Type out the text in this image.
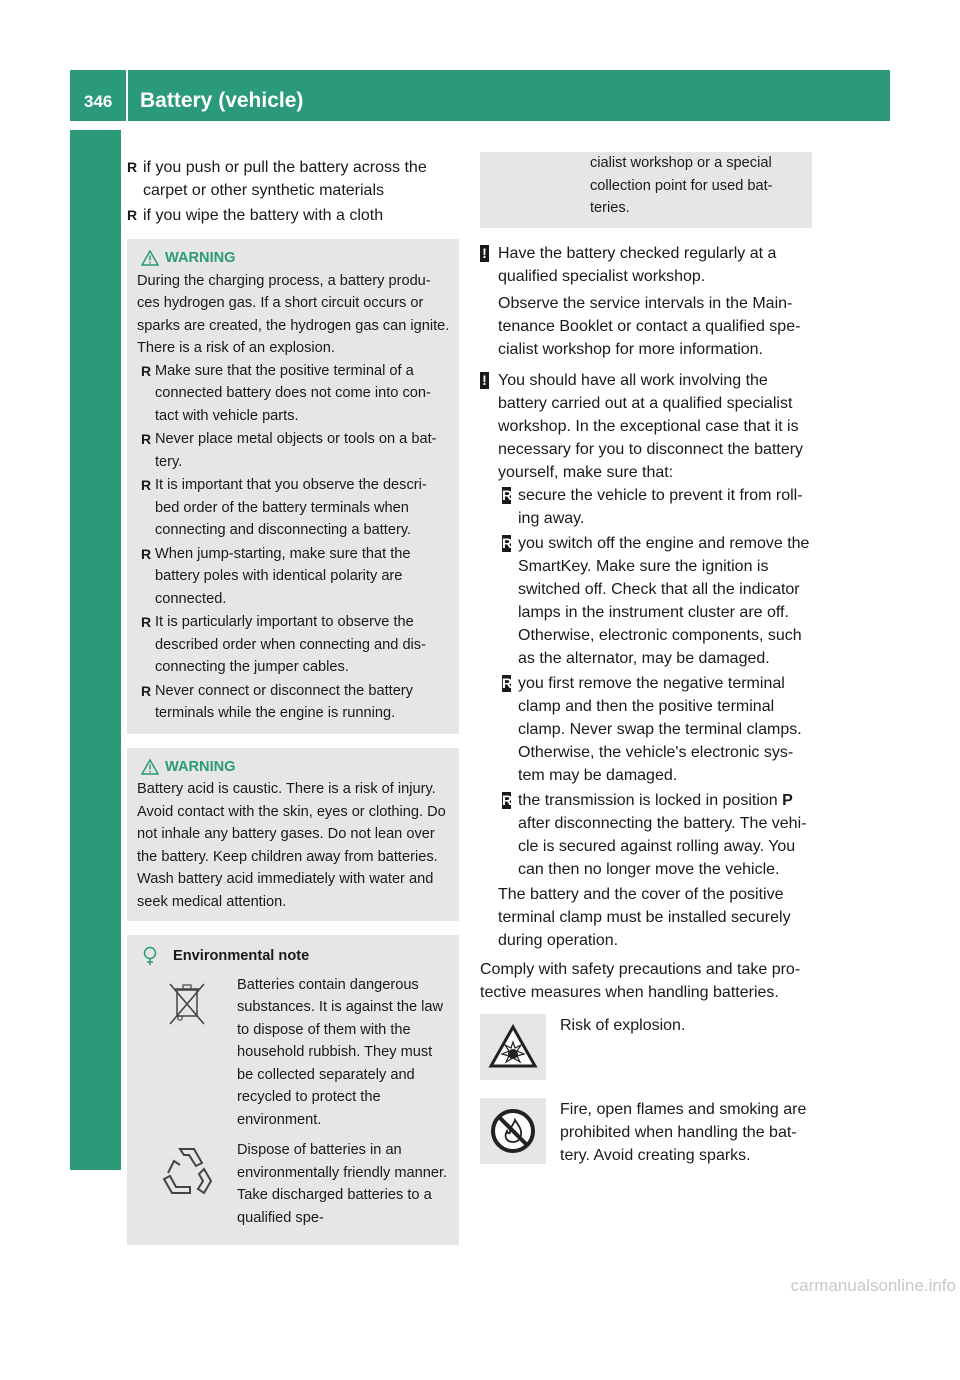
346	Battery (vehicle)
Roadside Assistance
R if you push or pull the battery across the carpet or other synthetic materials
R if you wipe the battery with a cloth
WARNING
During the charging process, a battery produ-ces hydrogen gas. If a short circuit occurs or sparks are created, the hydrogen gas can ignite. There is a risk of an explosion.
R Make sure that the positive terminal of a connected battery does not come into con-tact with vehicle parts.
R Never place metal objects or tools on a bat-tery.
R It is important that you observe the descri-bed order of the battery terminals when connecting and disconnecting a battery.
R When jump-starting, make sure that the battery poles with identical polarity are connected.
R It is particularly important to observe the described order when connecting and dis-connecting the jumper cables.
R Never connect or disconnect the battery terminals while the engine is running.
WARNING
Battery acid is caustic. There is a risk of injury.
Avoid contact with the skin, eyes or clothing. Do not inhale any battery gases. Do not lean over the battery. Keep children away from batteries. Wash battery acid immediately with water and seek medical attention.
Environmental note
Batteries contain dangerous substances. It is against the law to dispose of them with the household rubbish. They must be collected separately and recycled to protect the environment.
Dispose of batteries in an environmentally friendly manner. Take discharged batteries to a qualified spe-
cialist workshop or a special collection point for used bat-teries.
! Have the battery checked regularly at a qualified specialist workshop.
Observe the service intervals in the Main-tenance Booklet or contact a qualified spe-cialist workshop for more information.
! You should have all work involving the battery carried out at a qualified specialist workshop. In the exceptional case that it is necessary for you to disconnect the battery yourself, make sure that:
R secure the vehicle to prevent it from roll-ing away.
R you switch off the engine and remove the SmartKey. Make sure the ignition is switched off. Check that all the indicator lamps in the instrument cluster are off. Otherwise, electronic components, such as the alternator, may be damaged.
R you first remove the negative terminal clamp and then the positive terminal clamp. Never swap the terminal clamps. Otherwise, the vehicle's electronic sys-tem may be damaged.
R the transmission is locked in position P after disconnecting the battery. The vehi-cle is secured against rolling away. You can then no longer move the vehicle.
The battery and the cover of the positive terminal clamp must be installed securely during operation.
Comply with safety precautions and take pro-tective measures when handling batteries.
Risk of explosion.
Fire, open flames and smoking are prohibited when handling the bat-tery. Avoid creating sparks.
carmanualsonline.info
